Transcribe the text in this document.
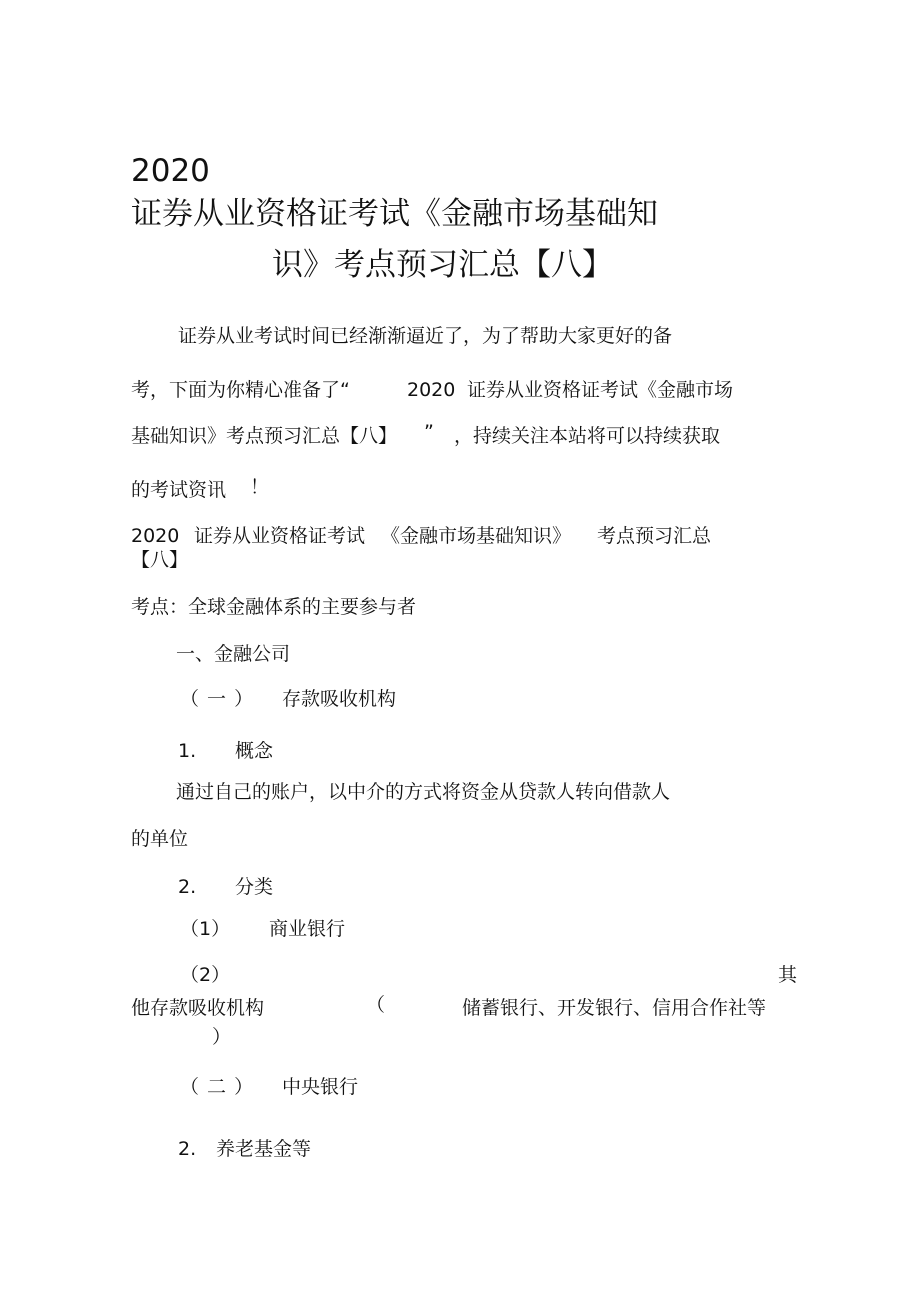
2020
证券从业资格证考试《金融市场基础知
识》考点预习汇总【八】
证券从业考试时间已经渐渐逼近了，为了帮助大家更好的备
考，下面为你精心准备了“	2020 证券从业资格证考试《金融市场
基础知识》考点预习汇总【八】 ” ，持续关注本站将可以持续获取
的考试资讯 ！
2020 证券从业资格证考试 《金融市场基础知识》 考点预习汇总
【八】
考点：全球金融体系的主要参与者
一、金融公司
（ 一 ） 存款吸收机构
1. 概念
通过自己的账户，以中介的方式将资金从贷款人转向借款人
的单位
2. 分类
（1） 商业银行
（2）	其
他存款吸收机构	（	储蓄银行、开发银行、信用合作社等
）
（ 二 ） 中央银行
2. 养老基金等
